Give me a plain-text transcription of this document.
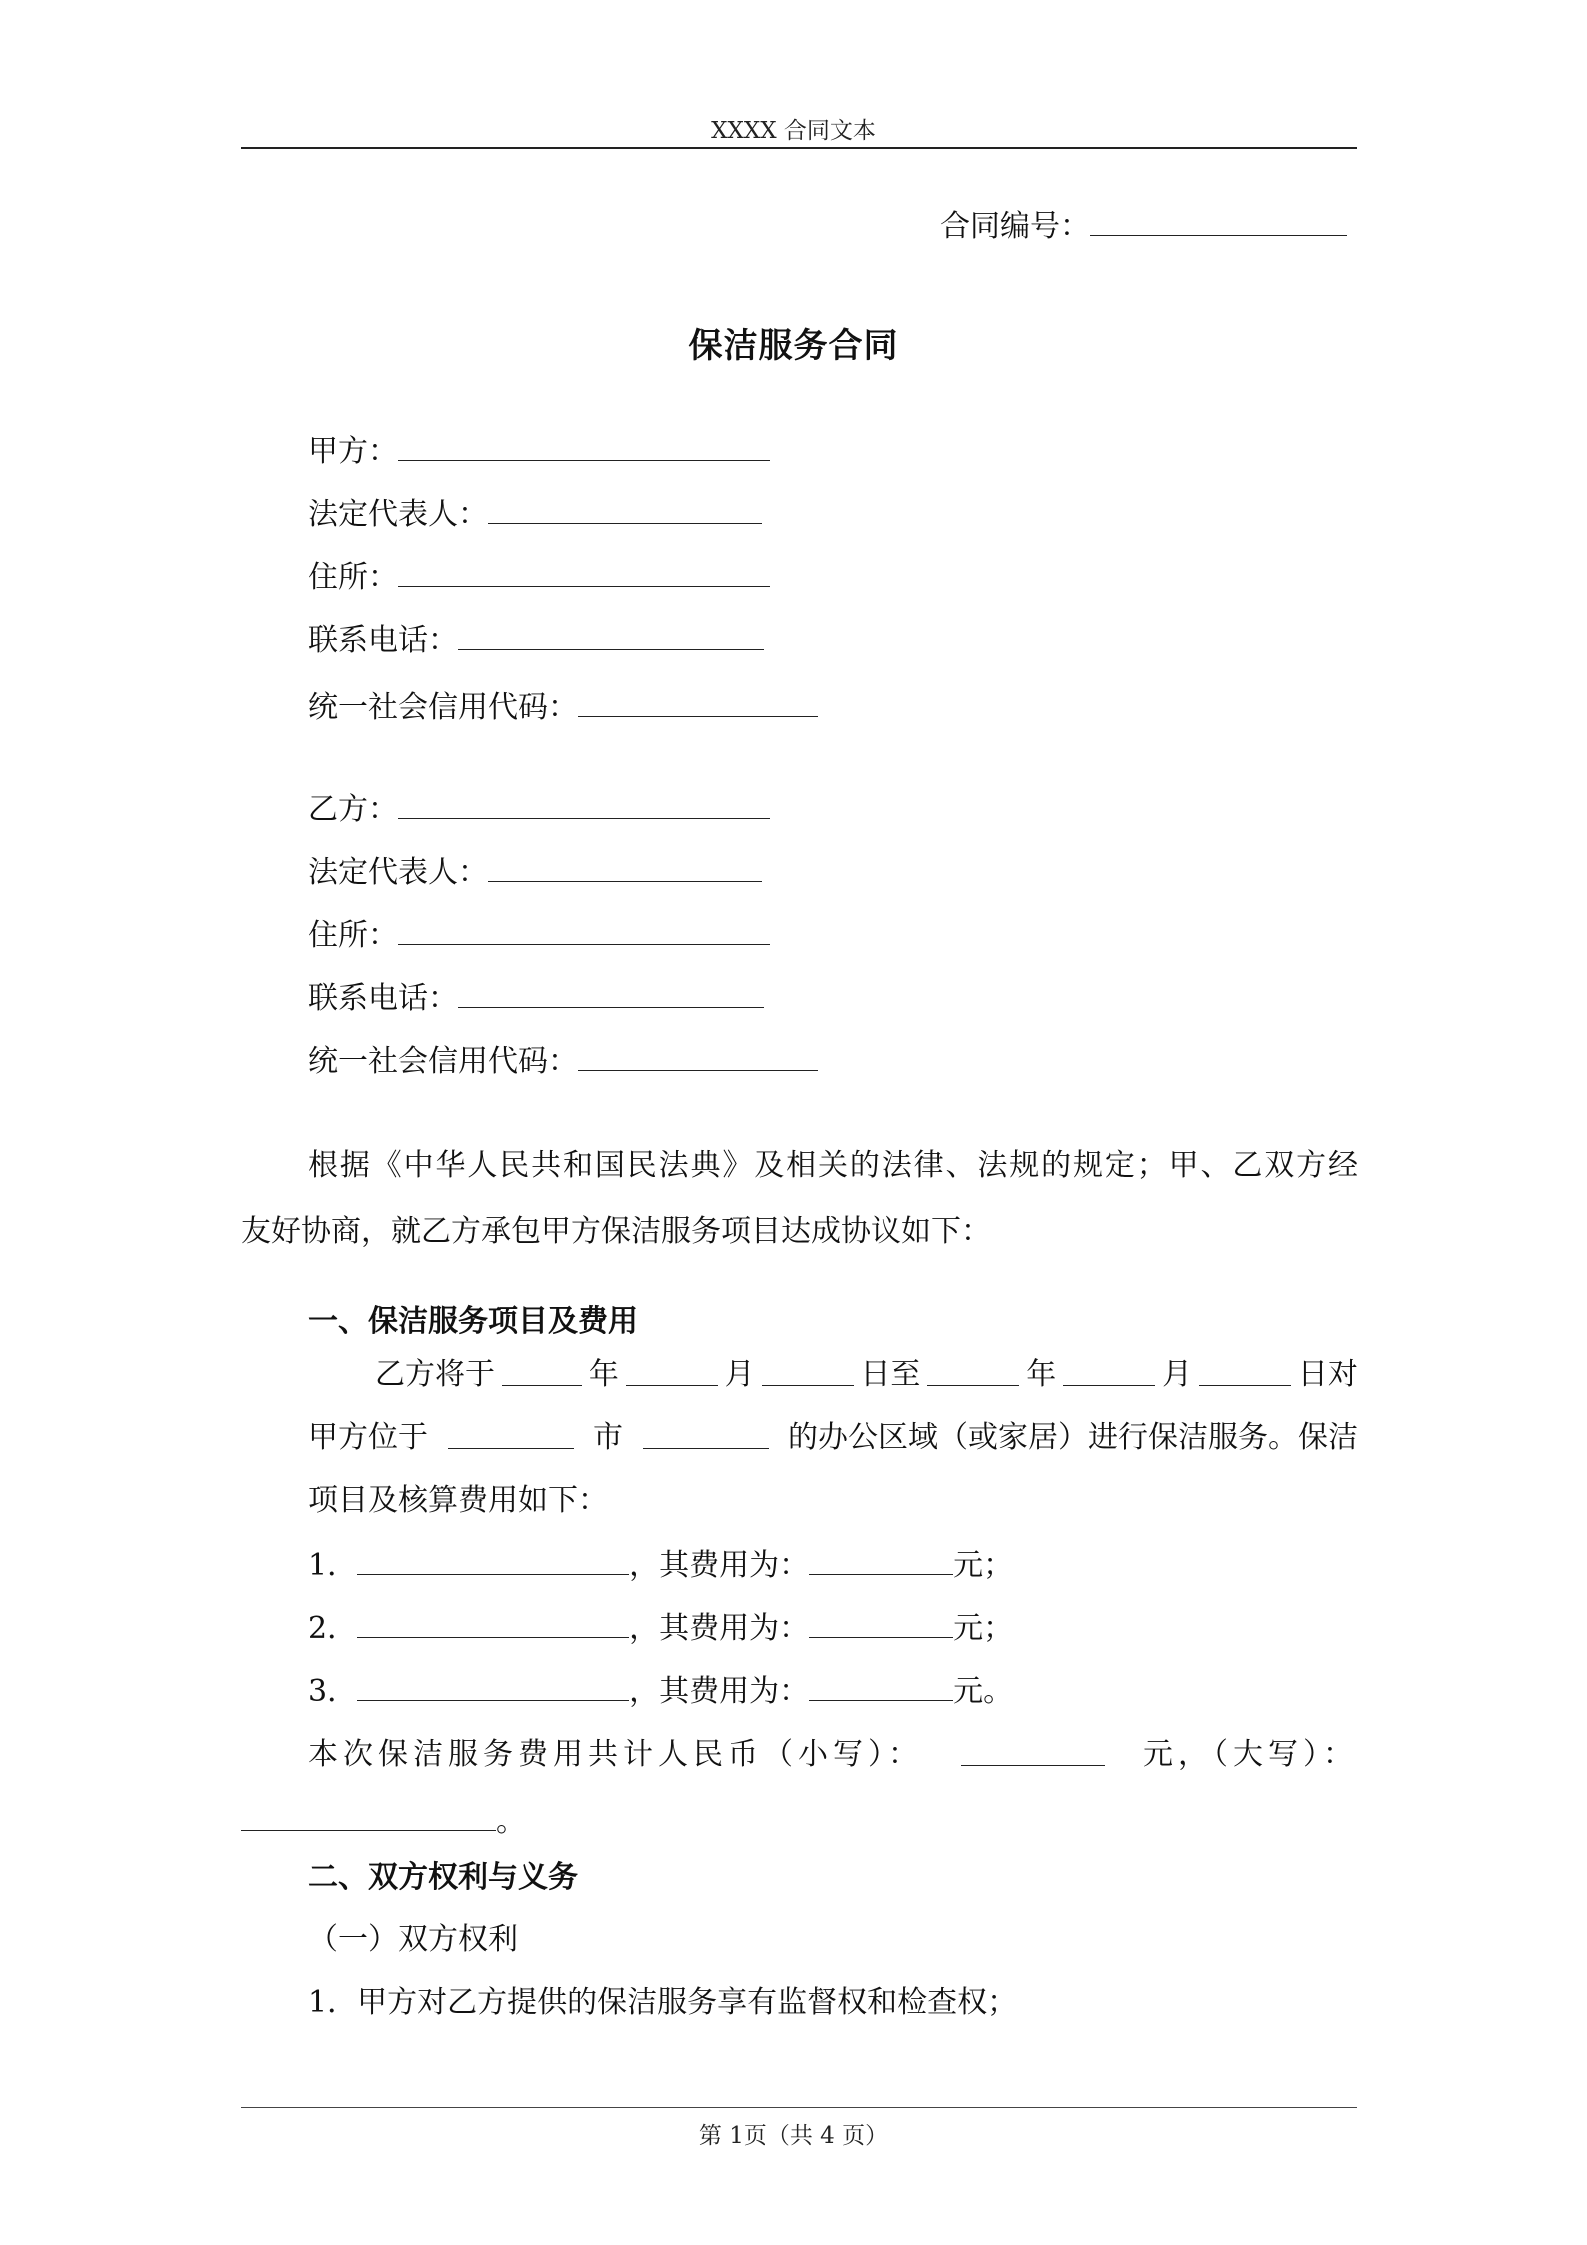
XXXX 合同文本
合同编号：
保洁服务合同
甲方：
法定代表人：
住所：
联系电话：
统一社会信用代码：
乙方：
法定代表人：
住所：
联系电话：
统一社会信用代码：
根据《中华人民共和国民法典》及相关的法律、法规的规定；甲、乙双方经
友好协商，就乙方承包甲方保洁服务项目达成协议如下：
一、保洁服务项目及费用
乙方将于	年	月	日至	年	月	日对
甲方位于	市	的办公区域（或家居）进行保洁服务。保洁
项目及核算费用如下：
1．	，其费用为：	元；
2．	，其费用为：	元；
3．	，其费用为：	元。
本次保洁服务费用共计人民币（小写）：	元，（大写）：
。
二、双方权利与义务
（一）双方权利
1．甲方对乙方提供的保洁服务享有监督权和检查权；
第 1页（共 4 页）
